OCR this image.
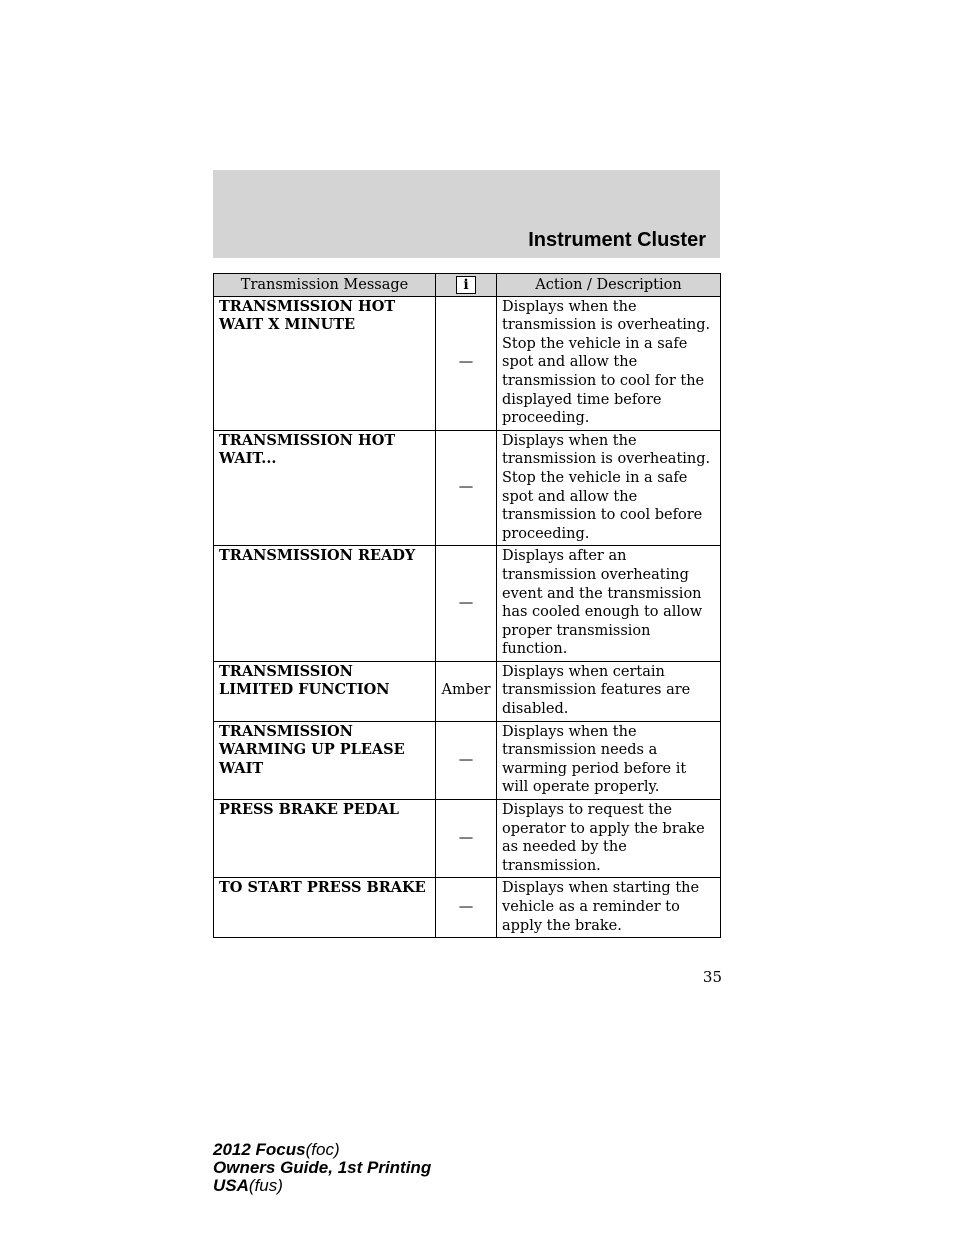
Instrument Cluster
Transmission Message	i	Action / Description
TRANSMISSION HOT WAIT X MINUTE	—	Displays when the transmission is overheating. Stop the vehicle in a safe spot and allow the transmission to cool for the displayed time before proceeding.
TRANSMISSION HOT WAIT...	—	Displays when the transmission is overheating. Stop the vehicle in a safe spot and allow the transmission to cool before proceeding.
TRANSMISSION READY	—	Displays after an transmission overheating event and the transmission has cooled enough to allow proper transmission function.
TRANSMISSION LIMITED FUNCTION	Amber	Displays when certain transmission features are disabled.
TRANSMISSION WARMING UP PLEASE WAIT	—	Displays when the transmission needs a warming period before it will operate properly.
PRESS BRAKE PEDAL	—	Displays to request the operator to apply the brake as needed by the transmission.
TO START PRESS BRAKE	—	Displays when starting the vehicle as a reminder to apply the brake.
35
2012 Focus(foc)
Owners Guide, 1st Printing
USA(fus)
